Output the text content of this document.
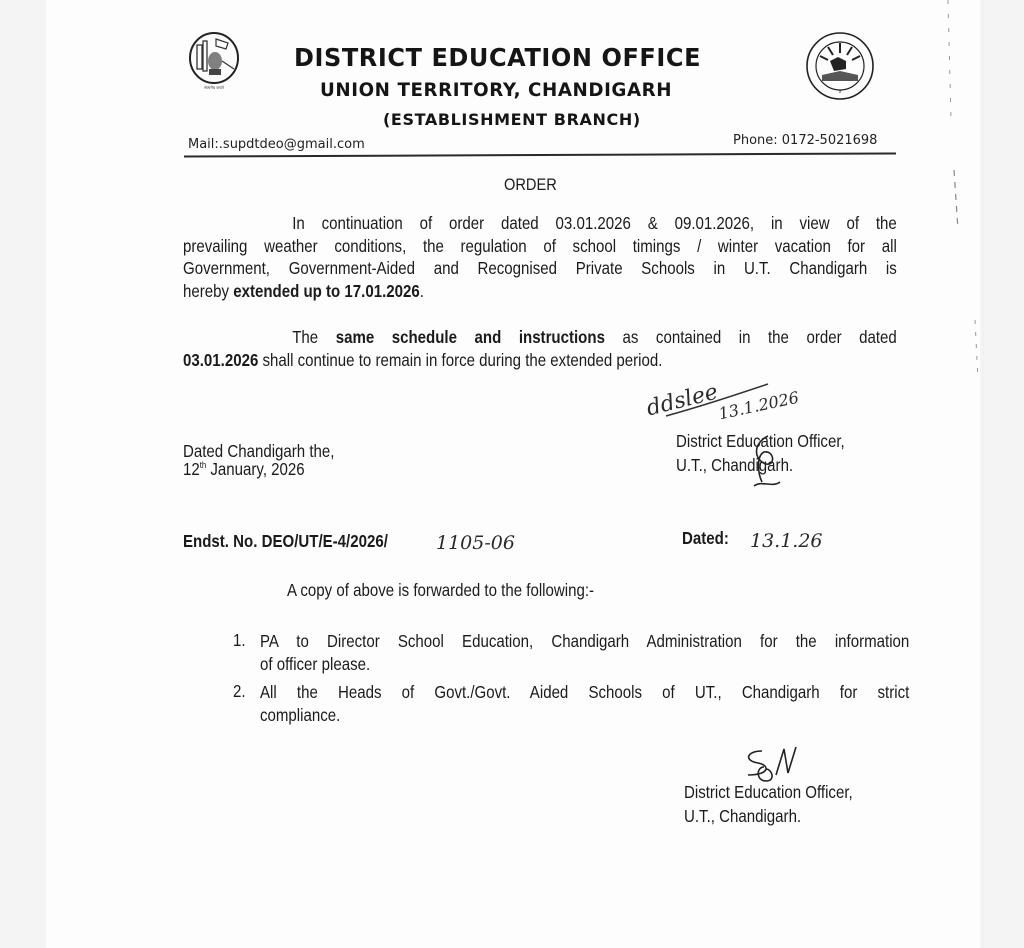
सत्यमेव जयते
DISTRICT EDUCATION OFFICE
UNION TERRITORY, CHANDIGARH
(ESTABLISHMENT BRANCH)
ज्ञ
Mail:.supdtdeo@gmail.com	Phone: 0172-5021698
ORDER
In continuation of order dated 03.01.2026 & 09.01.2026, in view of the
prevailing weather conditions, the regulation of school timings / winter vacation for all
Government, Government-Aided and Recognised Private Schools in U.T. Chandigarh is
hereby extended up to 17.01.2026.
The same schedule and instructions as contained in the order dated
03.01.2026 shall continue to remain in force during the extended period.
ddslee
13.1.2026
Dated Chandigarh the,
12th January, 2026
District Education Officer,
U.T., Chandigarh.
Endst. No. DEO/UT/E-4/2026/	1105-06	Dated: 13.1.26
A copy of above is forwarded to the following:-
1. PA to Director School Education, Chandigarh Administration for the information
of officer please.
2. All the Heads of Govt./Govt. Aided Schools of UT., Chandigarh for strict
compliance.
District Education Officer,
U.T., Chandigarh.
